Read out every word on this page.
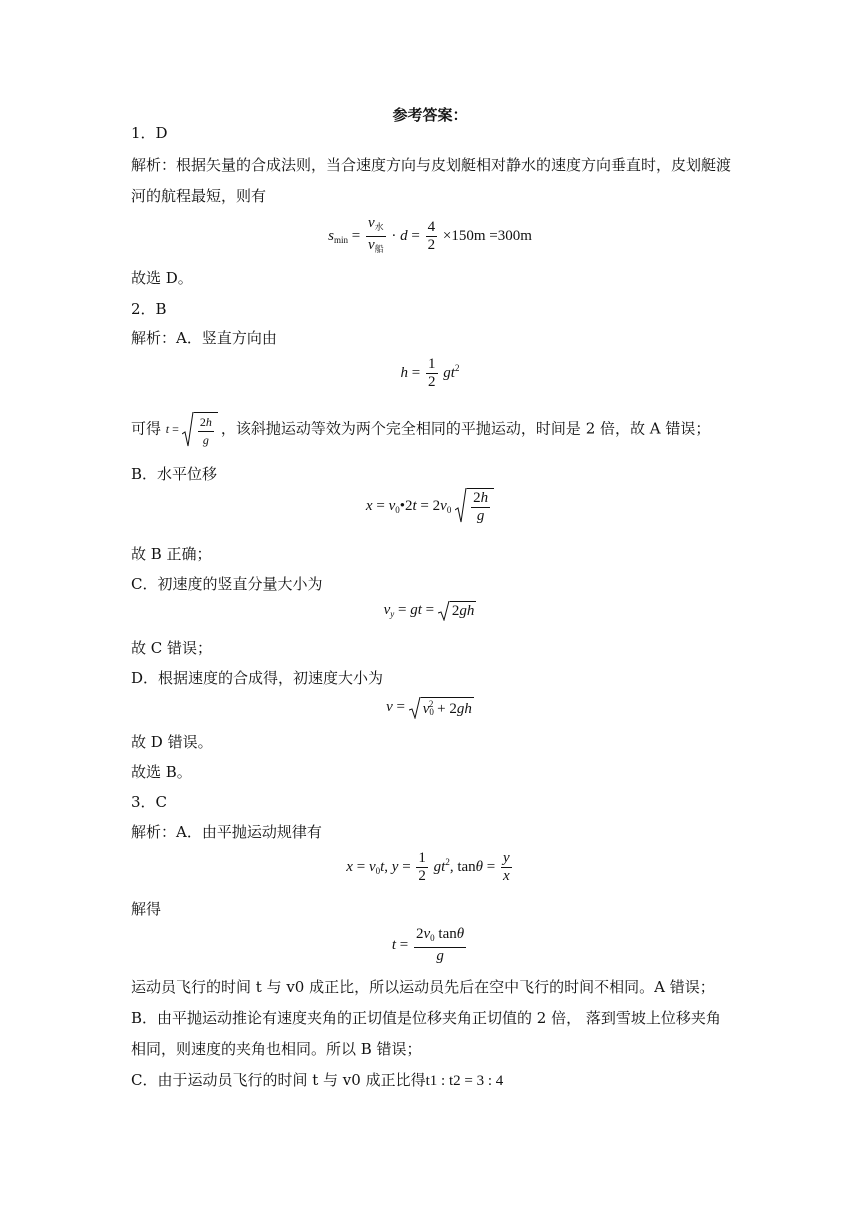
参考答案：
1．D
解析：根据矢量的合成法则，当合速度方向与皮划艇相对静水的速度方向垂直时，皮划艇渡
河的航程最短，则有
$s_{min} = \frac{v_水}{v_船} \cdot d = \frac{4}{2} \times 150m =300m$
故选 D。
2．B
解析：A．竖直方向由
$h = \frac{1}{2} gt^2$
可得 $t = \frac{2h}{g}$ ，该斜抛运动等效为两个完全相同的平抛运动，时间是 2 倍，故 A 错误；
B．水平位移
$x = v_0•2t = 2v_0 \frac{2h}{g}$
故 B 正确；
C．初速度的竖直分量大小为
$v_y$ = gt =
2gh
故 C 错误；
D．根据速度的合成得，初速度大小为
v =
$v_0^2 + 2gh$
故 D 错误。
故选 B。
3．C
解析：A．由平抛运动规律有
$x = v_0t$, $y = \frac{1}{2} gt^2$, $\tan\theta = \frac{y}{x}$
解得
$t = \frac{2v_0 \tan\theta}{g}$
运动员飞行的时间 t 与 v0 成正比，所以运动员先后在空中飞行的时间不相同。A 错误；
B．由平抛运动推论有速度夹角的正切值是位移夹角正切值的 2 倍， 落到雪坡上位移夹角
相同，则速度的夹角也相同。所以 B 错误；
C．由于运动员飞行的时间 t 与 v0 成正比得t1 : t2 = 3 : 4
